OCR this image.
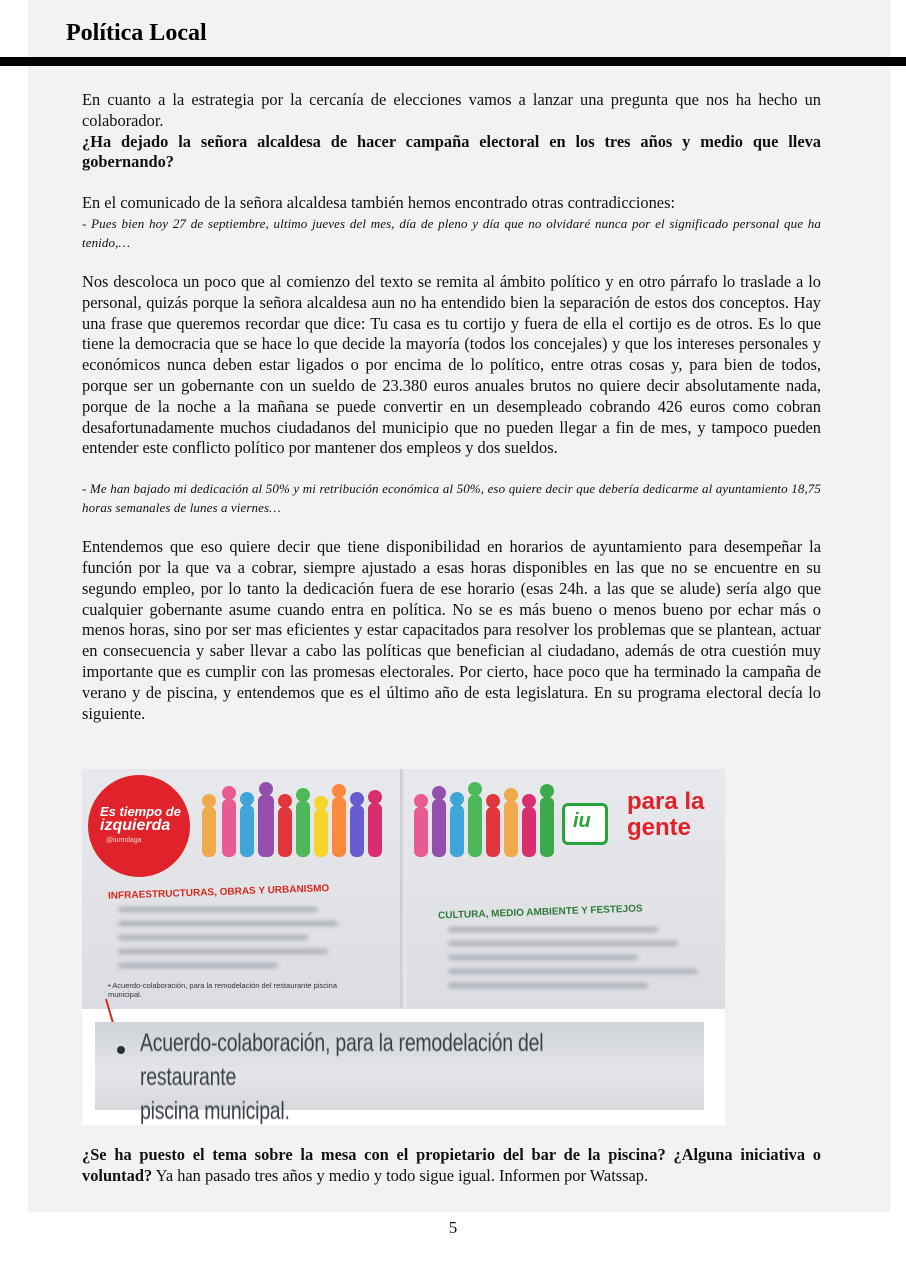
Política Local

En cuanto a la estrategia por la cercanía de elecciones vamos a lanzar una pregunta que nos ha hecho un colaborador.

¿Ha dejado la señora alcaldesa de hacer campaña electoral en los tres años y medio que lleva gobernando?

En el comunicado de la señora alcaldesa también hemos encontrado otras contradicciones:

- Pues bien hoy 27 de septiembre, ultimo jueves del mes, día de pleno y día que no olvidaré nunca por el significado personal que ha tenido,…

Nos descoloca un poco que al comienzo del texto se remita al ámbito político y en otro párrafo lo traslade a lo personal, quizás porque la señora alcaldesa aun no ha entendido bien la separación de estos dos conceptos. Hay una frase que queremos recordar que dice: Tu casa es tu cortijo y fuera de ella el cortijo es de otros. Es lo que tiene la democracia que se hace lo que decide la mayoría (todos los concejales) y que los intereses personales y económicos nunca deben estar ligados o por encima de lo político, entre otras cosas y, para bien de todos, porque ser un gobernante con un sueldo de 23.380 euros anuales brutos no quiere decir absolutamente nada, porque de la noche a la mañana se puede convertir en un desempleado cobrando 426 euros como cobran desafortunadamente muchos ciudadanos del municipio que no pueden llegar a fin de mes, y tampoco pueden entender este conflicto político por mantener dos empleos y dos sueldos.

- Me han bajado mi dedicación al 50% y mi retribución económica al 50%, eso quiere decir que debería dedicarme al ayuntamiento 18,75 horas semanales de lunes a viernes…

Entendemos que eso quiere decir que tiene disponibilidad en horarios de ayuntamiento para desempeñar la función por la que va a cobrar, siempre ajustado a esas horas disponibles en las que no se encuentre en su segundo empleo, por lo tanto la dedicación fuera de ese horario (esas 24h. a las que se alude) sería algo que cualquier gobernante asume cuando entra en política. No se es más bueno o menos bueno por echar más o menos horas, sino por ser mas eficientes y estar capacitados para resolver los problemas que se plantean, actuar en consecuencia y saber llevar a cabo las políticas que benefician al ciudadano, además de otra cuestión muy importante que es cumplir con las promesas electorales. Por cierto, hace poco que ha terminado la campaña de verano y de piscina, y entendemos que es el último año de esta legislatura. En su programa electoral decía lo siguiente.

Es tiempo de
izquierda
@iumolaga
iu
para la
gente
INFRAESTRUCTURAS, OBRAS Y URBANISMO
CULTURA, MEDIO AMBIENTE Y FESTEJOS
• Acuerdo-colaboración, para la remodelación del restaurante piscina municipal.
Acuerdo-colaboración, para la remodelación del restaurante
piscina municipal.
¿Se ha puesto el tema sobre la mesa con el propietario del bar de la piscina? ¿Alguna iniciativa o voluntad? Ya han pasado tres años y medio y todo sigue igual. Informen por Watssap.
5
